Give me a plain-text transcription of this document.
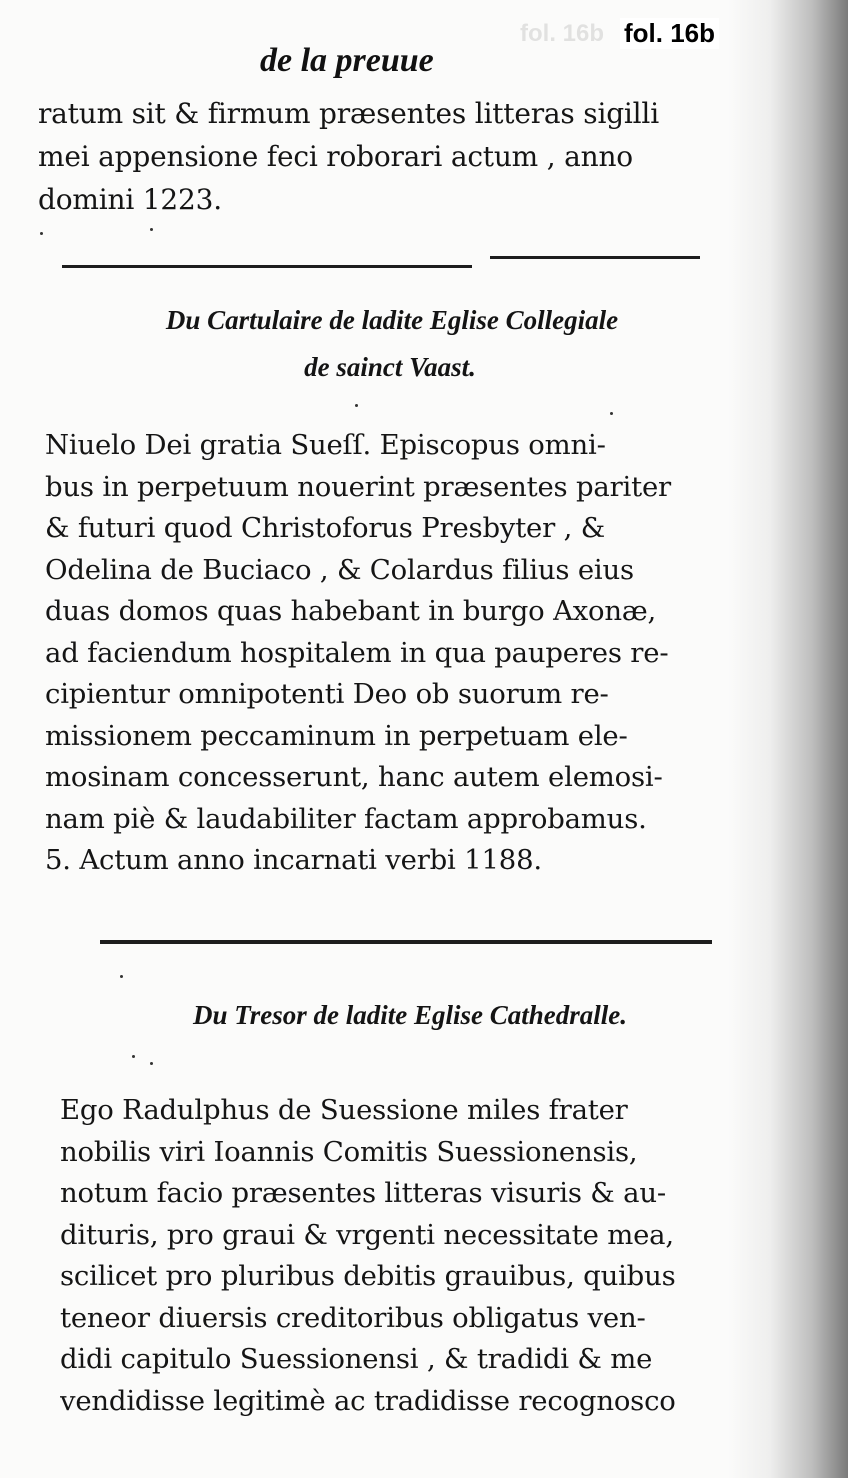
fol. 16b fol. 16b
de la preuue
ratum sit & firmum præsentes litteras sigilli
mei appensione feci roborari actum , anno
domini 1223.
Du Cartulaire de ladite Eglise Collegiale
de sainct Vaast.
Niuelo Dei gratia Sueſſ. Episcopus omni-
bus in perpetuum nouerint præsentes pariter
& futuri quod Christoforus Presbyter , &
Odelina de Buciaco , & Colardus filius eius
duas domos quas habebant in burgo Axonæ,
ad faciendum hospitalem in qua pauperes re-
cipientur omnipotenti Deo ob suorum re-
missionem peccaminum in perpetuam ele-
mosinam concesserunt, hanc autem elemosi-
nam piè & laudabiliter factam approbamus.
5. Actum anno incarnati verbi 1188.
Du Tresor de ladite Eglise Cathedralle.
Ego Radulphus de Suessione miles frater
nobilis viri Ioannis Comitis Suessionensis,
notum facio præsentes litteras visuris & au-
dituris, pro graui & vrgenti necessitate mea,
scilicet pro pluribus debitis grauibus, quibus
teneor diuersis creditoribus obligatus ven-
didi capitulo Suessionensi , & tradidi & me
vendidisse legitimè ac tradidisse recognosco
